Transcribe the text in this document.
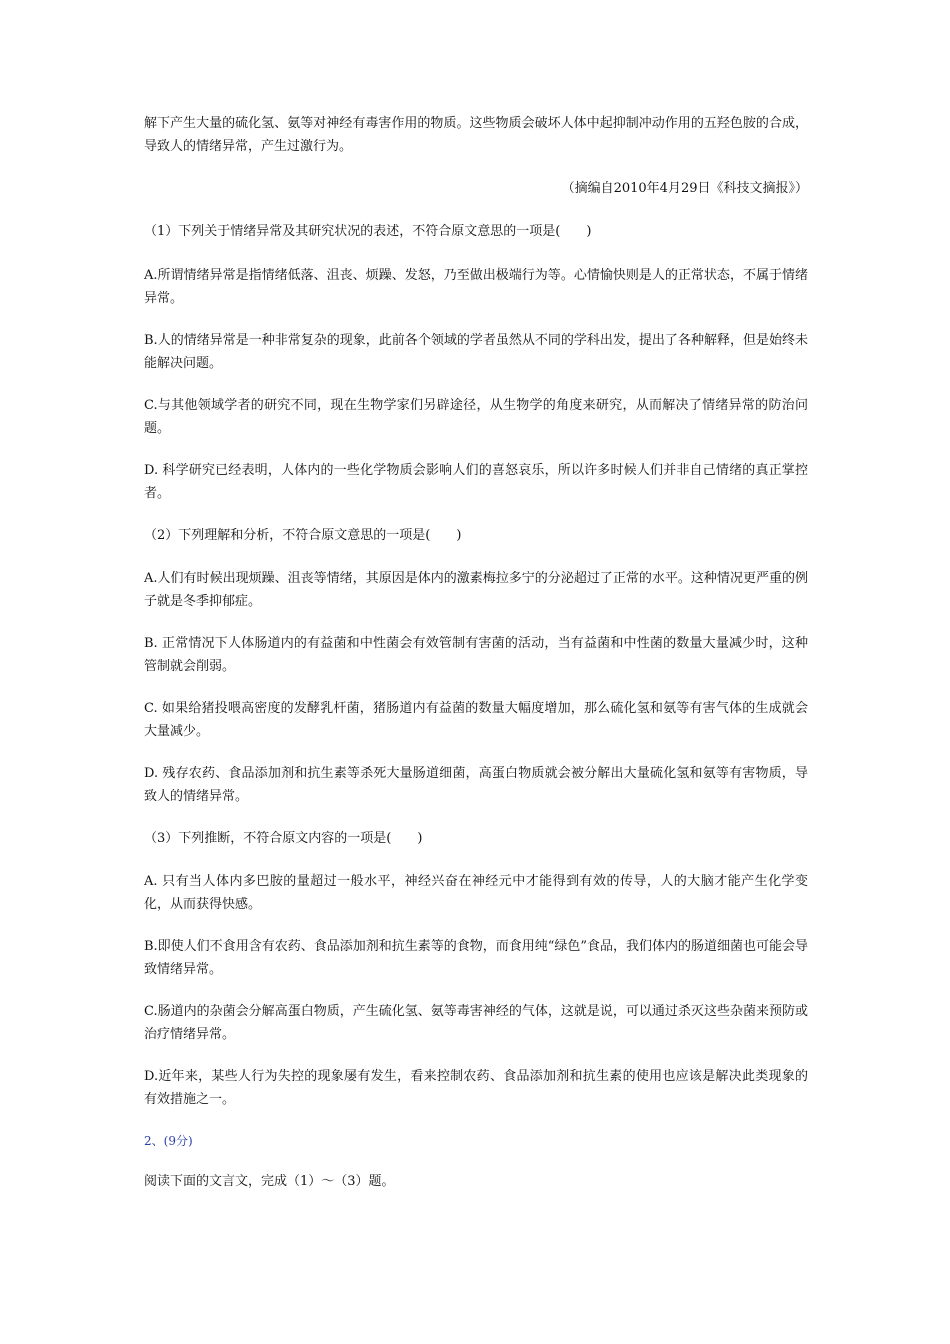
解下产生大量的硫化氢、氨等对神经有毒害作用的物质。这些物质会破坏人体中起抑制冲动作用的五羟色胺的合成，导致人的情绪异常，产生过激行为。

（摘编自2010年4月29日《科技文摘报》）

（1）下列关于情绪异常及其研究状况的表述，不符合原文意思的一项是(　　)

A.所谓情绪异常是指情绪低落、沮丧、烦躁、发怒，乃至做出极端行为等。心情愉快则是人的正常状态，不属于情绪异常。

B.人的情绪异常是一种非常复杂的现象，此前各个领域的学者虽然从不同的学科出发，提出了各种解释，但是始终未能解决问题。

C.与其他领域学者的研究不同，现在生物学家们另辟途径，从生物学的角度来研究，从而解决了情绪异常的防治问题。

D. 科学研究已经表明，人体内的一些化学物质会影响人们的喜怒哀乐，所以许多时候人们并非自己情绪的真正掌控者。

（2）下列理解和分析，不符合原文意思的一项是(　　)

A.人们有时候出现烦躁、沮丧等情绪，其原因是体内的激素梅拉多宁的分泌超过了正常的水平。这种情况更严重的例子就是冬季抑郁症。

B. 正常情况下人体肠道内的有益菌和中性菌会有效管制有害菌的活动，当有益菌和中性菌的数量大量减少时，这种管制就会削弱。

C. 如果给猪投喂高密度的发酵乳杆菌，猪肠道内有益菌的数量大幅度增加，那么硫化氢和氨等有害气体的生成就会大量减少。

D. 残存农药、食品添加剂和抗生素等杀死大量肠道细菌，高蛋白物质就会被分解出大量硫化氢和氨等有害物质，导致人的情绪异常。

（3）下列推断，不符合原文内容的一项是(　　)

A. 只有当人体内多巴胺的量超过一般水平，神经兴奋在神经元中才能得到有效的传导，人的大脑才能产生化学变化，从而获得快感。

B.即使人们不食用含有农药、食品添加剂和抗生素等的食物，而食用纯“绿色”食品，我们体内的肠道细菌也可能会导致情绪异常。

C.肠道内的杂菌会分解高蛋白物质，产生硫化氢、氨等毒害神经的气体，这就是说，可以通过杀灭这些杂菌来预防或治疗情绪异常。

D.近年来，某些人行为失控的现象屡有发生，看来控制农药、食品添加剂和抗生素的使用也应该是解决此类现象的有效措施之一。

2、(9分)

阅读下面的文言文，完成（1）～（3）题。
